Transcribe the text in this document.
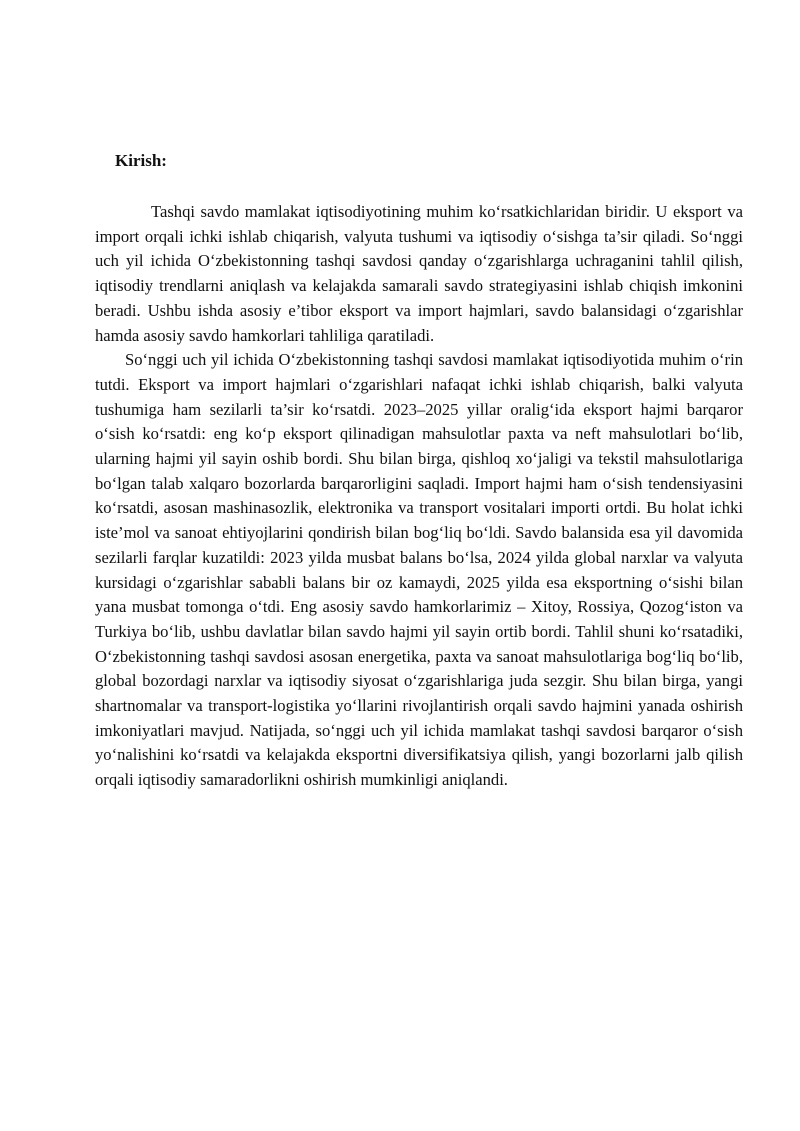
Kirish:

Tashqi savdo mamlakat iqtisodiyotining muhim ko‘rsatkichlaridan biridir. U eksport va import orqali ichki ishlab chiqarish, valyuta tushumi va iqtisodiy o‘sishga ta’sir qiladi. So‘nggi uch yil ichida O‘zbekistonning tashqi savdosi qanday o‘zgarishlarga uchraganini tahlil qilish, iqtisodiy trendlarni aniqlash va kelajakda samarali savdo strategiyasini ishlab chiqish imkonini beradi. Ushbu ishda asosiy e’tibor eksport va import hajmlari, savdo balansidagi o‘zgarishlar hamda asosiy savdo hamkorlari tahliliga qaratiladi.

So‘nggi uch yil ichida O‘zbekistonning tashqi savdosi mamlakat iqtisodiyotida muhim o‘rin tutdi. Eksport va import hajmlari o‘zgarishlari nafaqat ichki ishlab chiqarish, balki valyuta tushumiga ham sezilarli ta’sir ko‘rsatdi. 2023–2025 yillar oralig‘ida eksport hajmi barqaror o‘sish ko‘rsatdi: eng ko‘p eksport qilinadigan mahsulotlar paxta va neft mahsulotlari bo‘lib, ularning hajmi yil sayin oshib bordi. Shu bilan birga, qishloq xo‘jaligi va tekstil mahsulotlariga bo‘lgan talab xalqaro bozorlarda barqarorligini saqladi. Import hajmi ham o‘sish tendensiyasini ko‘rsatdi, asosan mashinasozlik, elektronika va transport vositalari importi ortdi. Bu holat ichki iste’mol va sanoat ehtiyojlarini qondirish bilan bog‘liq bo‘ldi. Savdo balansida esa yil davomida sezilarli farqlar kuzatildi: 2023 yilda musbat balans bo‘lsa, 2024 yilda global narxlar va valyuta kursidagi o‘zgarishlar sababli balans bir oz kamaydi, 2025 yilda esa eksportning o‘sishi bilan yana musbat tomonga o‘tdi. Eng asosiy savdo hamkorlarimiz – Xitoy, Rossiya, Qozog‘iston va Turkiya bo‘lib, ushbu davlatlar bilan savdo hajmi yil sayin ortib bordi. Tahlil shuni ko‘rsatadiki, O‘zbekistonning tashqi savdosi asosan energetika, paxta va sanoat mahsulotlariga bog‘liq bo‘lib, global bozordagi narxlar va iqtisodiy siyosat o‘zgarishlariga juda sezgir. Shu bilan birga, yangi shartnomalar va transport-logistika yo‘llarini rivojlantirish orqali savdo hajmini yanada oshirish imkoniyatlari mavjud. Natijada, so‘nggi uch yil ichida mamlakat tashqi savdosi barqaror o‘sish yo‘nalishini ko‘rsatdi va kelajakda eksportni diversifikatsiya qilish, yangi bozorlarni jalb qilish orqali iqtisodiy samaradorlikni oshirish mumkinligi aniqlandi.
